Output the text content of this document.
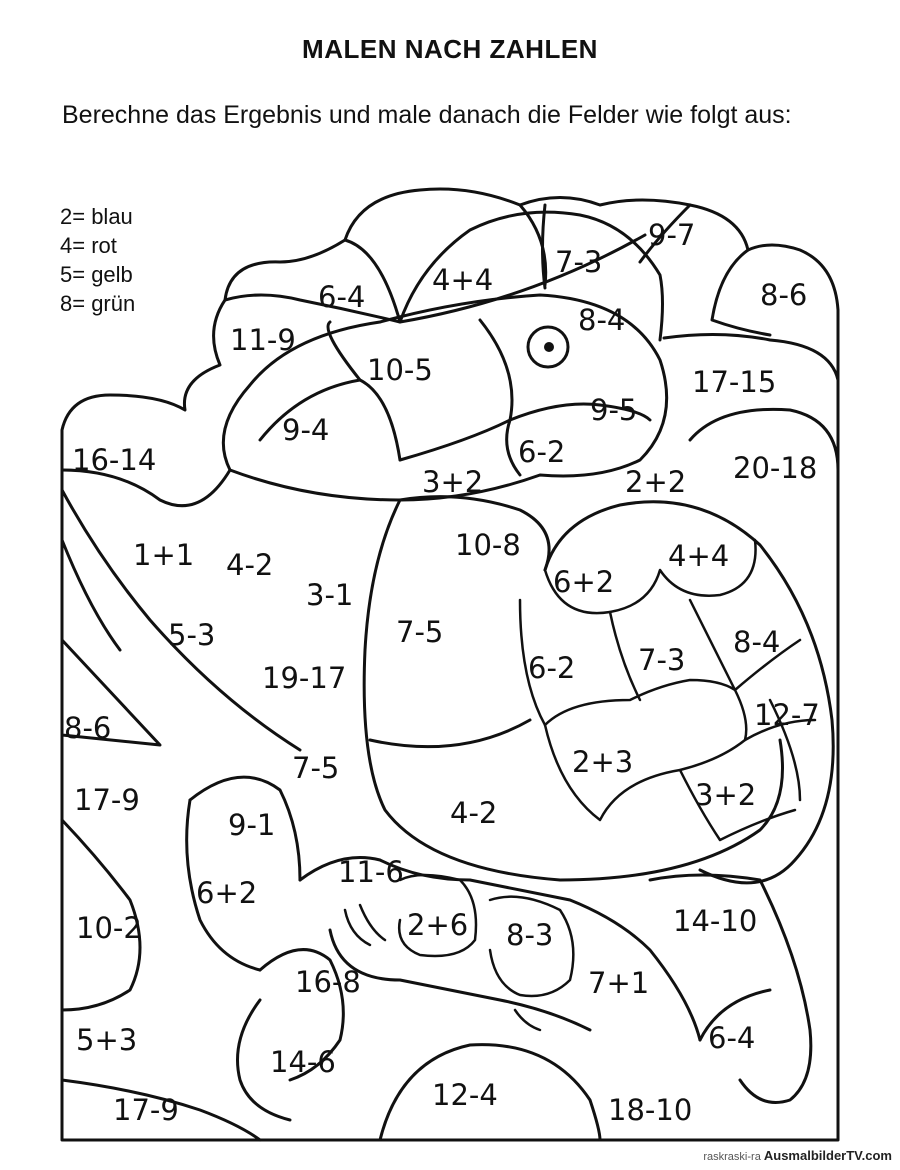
MALEN NACH ZAHLEN
Berechne das Ergebnis und male danach die Felder wie folgt aus:
2= blau
4= rot
5= gelb
8= grün
4+4
7-3
9-7
6-4
8-4
8-6
11-9
10-5	17-15
9-4
9-5
6-2
16-14
3+2	2+2 20-18
10-8
1+1 4-2	6+2
4+4
3-1
5-3	7-5
6-2 7-3
8-4
19-17
8-6	12-7
2+3
7-5
17-9	3+2
4-2
9-1
11-6
6+2
2+6 8-3	14-10
10-2
16-8	7+1
5+3
14-6
6-4
12-4
17-9	18-10
raskraski-ra AusmalbilderTV.com
